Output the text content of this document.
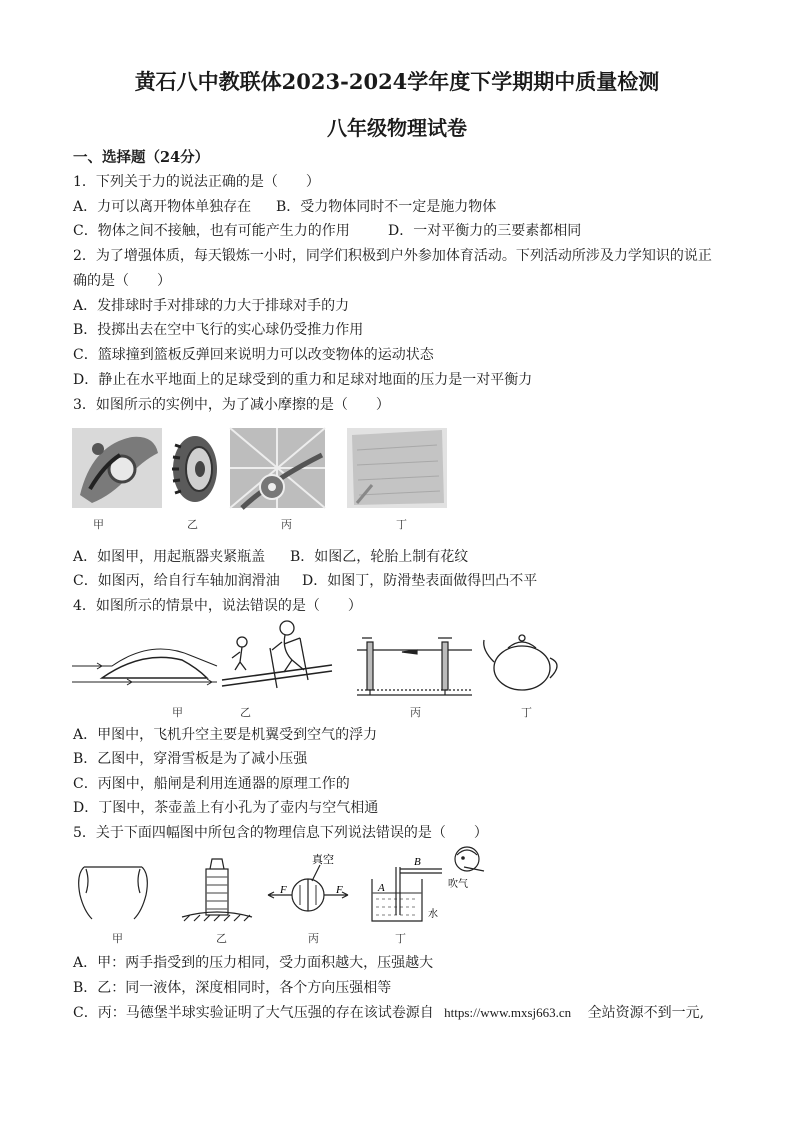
黄石八中教联体2023-2024学年度下学期期中质量检测
八年级物理试卷
一、选择题（24分）
1．下列关于力的说法正确的是（　　）
A．力可以离开物体单独存在 B．受力物体同时不一定是施力物体
C．物体之间不接触，也有可能产生力的作用	D．一对平衡力的三要素都相同
2．为了增强体质，每天锻炼一小时，同学们积极到户外参加体育活动。下列活动所涉及力学知识的说正
确的是（　　）
A．发排球时手对排球的力大于排球对手的力
B．投掷出去在空中飞行的实心球仍受推力作用
C．篮球撞到篮板反弹回来说明力可以改变物体的运动状态
D．静止在水平地面上的足球受到的重力和足球对地面的压力是一对平衡力
3．如图所示的实例中，为了减小摩擦的是（　　）
甲	乙	丙	丁
A．如图甲，用起瓶器夹紧瓶盖 B．如图乙，轮胎上制有花纹
C．如图丙，给自行车轴加润滑油 D．如图丁，防滑垫表面做得凹凸不平
4．如图所示的情景中，说法错误的是（　　）
甲	乙	丙	丁
A．甲图中，飞机升空主要是机翼受到空气的浮力
B．乙图中，穿滑雪板是为了减小压强
C．丙图中，船闸是利用连通器的原理工作的
D．丁图中，茶壶盖上有小孔为了壶内与空气相通
5．关于下面四幅图中所包含的物理信息下列说法错误的是（　　）
F	F
真空
A
B
吹气
水
甲	乙	丙	丁
A．甲：两手指受到的压力相同，受力面积越大，压强越大
B．乙：同一液体，深度相同时，各个方向压强相等
C．丙：马德堡半球实验证明了大气压强的存在该试卷源自 https://www.mxsj663.cn 全站资源不到一元,
